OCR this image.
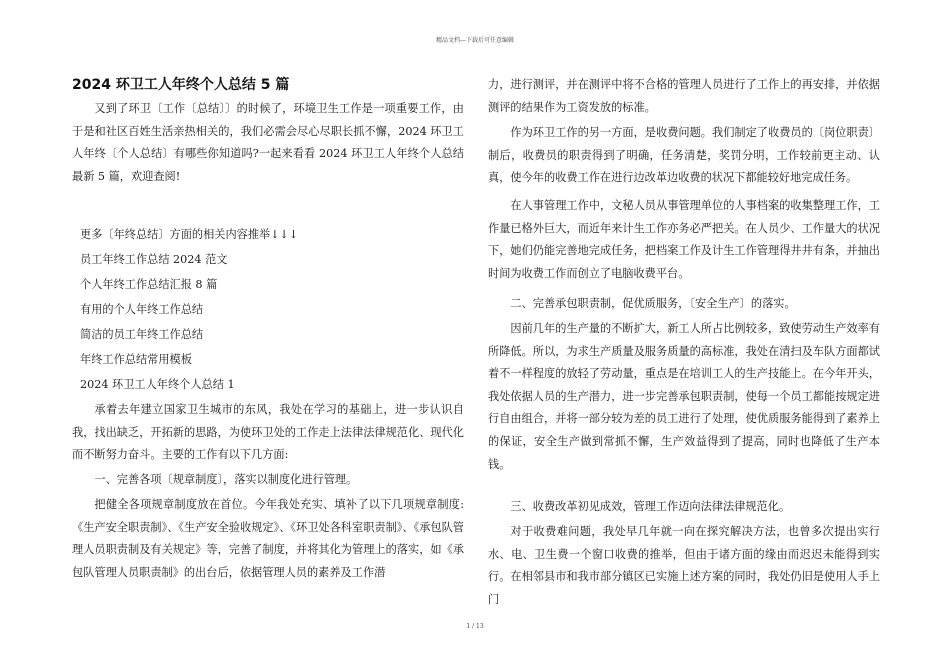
精品文档---下载后可任意编辑
2024 环卫工人年终个人总结 5 篇

又到了环卫〔工作〔总结〕〕的时候了，环境卫生工作是一项重要工作，由于是和社区百姓生活亲热相关的，我们必需会尽心尽职长抓不懈，2024 环卫工人年终〔个人总结〕有哪些你知道吗?一起来看看 2024 环卫工人年终个人总结最新 5 篇，欢迎查阅!

更多〔年终总结〕方面的相关内容推举↓↓↓
员工年终工作总结 2024 范文
个人年终工作总结汇报 8 篇
有用的个人年终工作总结
简洁的员工年终工作总结
年终工作总结常用模板
2024 环卫工人年终个人总结 1

承着去年建立国家卫生城市的东风，我处在学习的基础上，进一步认识自我，找出缺乏，开拓新的思路，为使环卫处的工作走上法律法律规范化、现代化而不断努力奋斗。主要的工作有以下几方面:

一、完善各项〔规章制度〕，落实以制度化进行管理。

把健全各项规章制度放在首位。今年我处充实、填补了以下几项规章制度:《生产安全职责制》、《生产安全验收规定》、《环卫处各科室职责制》、《承包队管理人员职责制及有关规定》等，完善了制度，并将其化为管理上的落实，如《承包队管理人员职责制》的出台后，依据管理人员的素养及工作潜

力，进行测评，并在测评中将不合格的管理人员进行了工作上的再安排，并依据测评的结果作为工资发放的标准。

作为环卫工作的另一方面，是收费问题。我们制定了收费员的〔岗位职责〕制后，收费员的职责得到了明确，任务清楚，奖罚分明，工作较前更主动、认真，使今年的收费工作在进行边改革边收费的状况下都能较好地完成任务。

在人事管理工作中，文秘人员从事管理单位的人事档案的收集整理工作，工作量已格外巨大，而近年来计生工作亦务必严把关。在人员少、工作量大的状况下，她们仍能完善地完成任务，把档案工作及计生工作管理得井井有条，并抽出时间为收费工作而创立了电脑收费平台。

二、完善承包职责制，促优质服务，〔安全生产〕的落实。

因前几年的生产量的不断扩大，新工人所占比例较多，致使劳动生产效率有所降低。所以，为求生产质量及服务质量的高标准，我处在清扫及车队方面都试着不一样程度的放轻了劳动量，重点是在培训工人的生产技能上。在今年开头，我处依据人员的生产潜力，进一步完善承包职责制，使每一个员工都能按规定进行自由组合，并将一部分较为差的员工进行了处理，使优质服务能得到了素养上的保证，安全生产做到常抓不懈，生产效益得到了提高，同时也降低了生产本钱。

三、收费改革初见成效，管理工作迈向法律法律规范化。

对于收费难问题，我处早几年就一向在探究解决方法，也曾多次提出实行水、电、卫生费一个窗口收费的推举，但由于诸方面的缘由而迟迟未能得到实行。在相邻县市和我市部分镇区已实施上述方案的同时，我处仍旧是使用人手上门

1 / 13
